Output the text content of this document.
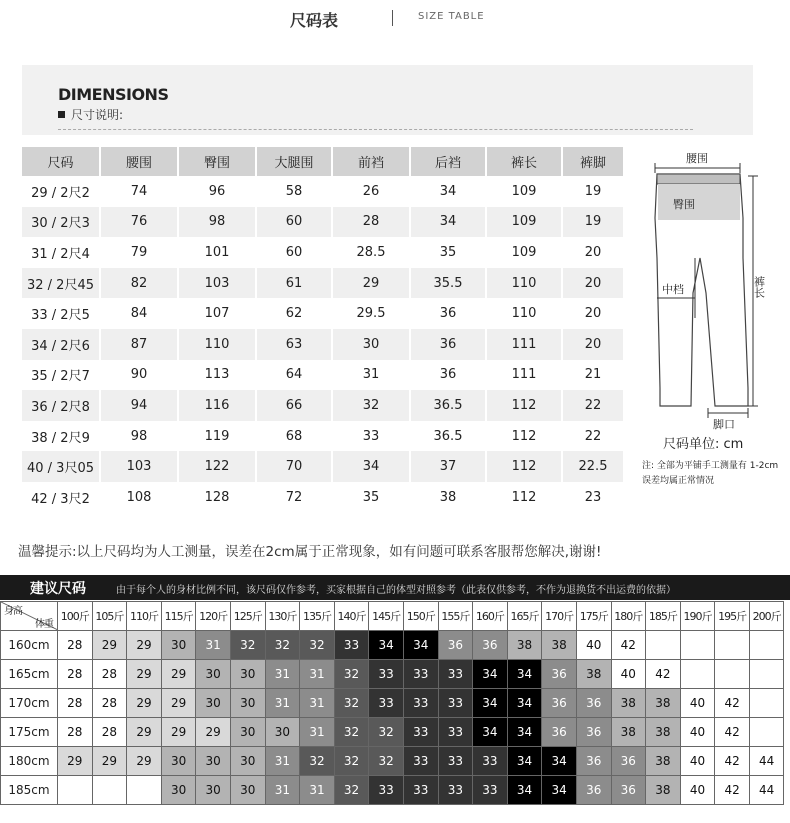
尺码表	SIZE TABLE
DIMENSIONS
尺寸说明:
尺码	腰围	臀围	大腿围	前裆	后裆	裤长	裤脚
29 / 2尺2	74	96	58	26	34	109	19
30 / 2尺3	76	98	60	28	34	109	19
31 / 2尺4	79	101	60	28.5	35	109	20
32 / 2尺45	82	103	61	29	35.5	110	20
33 / 2尺5	84	107	62	29.5	36	110	20
34 / 2尺6	87	110	63	30	36	111	20
35 / 2尺7	90	113	64	31	36	111	21
36 / 2尺8	94	116	66	32	36.5	112	22
38 / 2尺9	98	119	68	33	36.5	112	22
40 / 3尺05	103	122	70	34	37	112	22.5
42 / 3尺2	108	128	72	35	38	112	23
腰围
臀围
中档	裤长
脚口
尺码单位: cm
注: 全部为平铺手工测量有 1-2cm 误差均属正常情况
温馨提示:以上尺码均为人工测量，误差在2cm属于正常现象，如有问题可联系客服帮您解决,谢谢!
建议尺码	由于每个人的身材比例不同，该尺码仅作参考，买家根据自己的体型对照参考（此表仅供参考，不作为退换货不出运费的依据）
身高
体重	100斤	105斤	110斤	115斤	120斤	125斤	130斤	135斤	140斤	145斤	150斤	155斤	160斤	165斤	170斤	175斤	180斤	185斤	190斤	195斤	200斤
160cm	28	29	29	30	31	32	32	32	33	34	34	36	36	38	38	40	42				
165cm	28	28	29	29	30	30	31	31	32	33	33	33	34	34	36	38	40	42			
170cm	28	28	29	29	30	30	31	31	32	33	33	33	34	34	36	36	38	38	40	42	
175cm	28	28	29	29	29	30	30	31	32	32	33	33	34	34	36	36	38	38	40	42	
180cm	29	29	29	30	30	30	31	32	32	32	33	33	33	34	34	36	36	38	40	42	44
185cm				30	30	30	31	31	32	33	33	33	33	34	34	36	36	38	40	42	44
